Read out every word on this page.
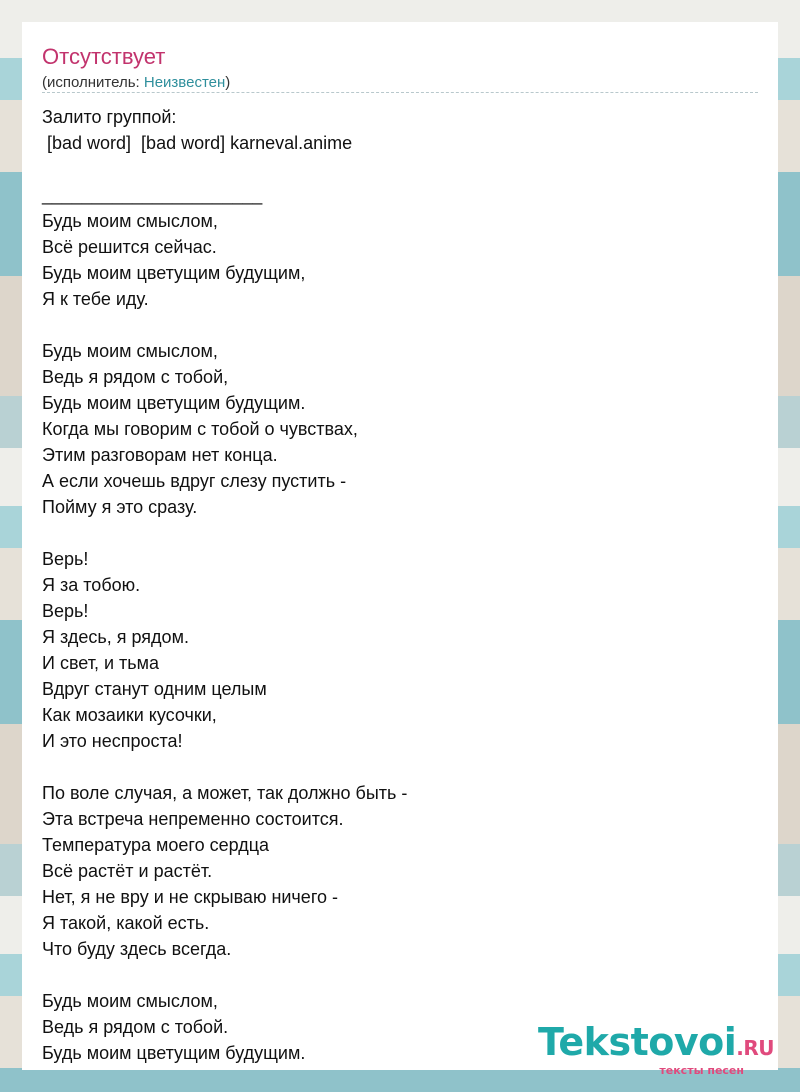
Отсутствует
(исполнитель: Неизвестен)
Залито группой:
[bad word]  [bad word] karneval.anime
______________________
Будь моим смыслом,
Всё решится сейчас.
Будь моим цветущим будущим,
Я к тебе иду.
Будь моим смыслом,
Ведь я рядом с тобой,
Будь моим цветущим будущим.
Когда мы говорим с тобой о чувствах,
Этим разговорам нет конца.
А если хочешь вдруг слезу пустить -
Пойму я это сразу.
Верь!
Я за тобою.
Верь!
Я здесь, я рядом.
И свет, и тьма
Вдруг станут одним целым
Как мозаики кусочки,
И это неспроста!
По воле случая, а может, так должно быть -
Эта встреча непременно состоится.
Температура моего сердца
Всё растёт и растёт.
Нет, я не вру и не скрываю ничего -
Я такой, какой есть.
Что буду здесь всегда.
Будь моим смыслом,
Ведь я рядом с тобой.
Будь моим цветущим будущим.	Tekstovoi.RU
тексты песен
